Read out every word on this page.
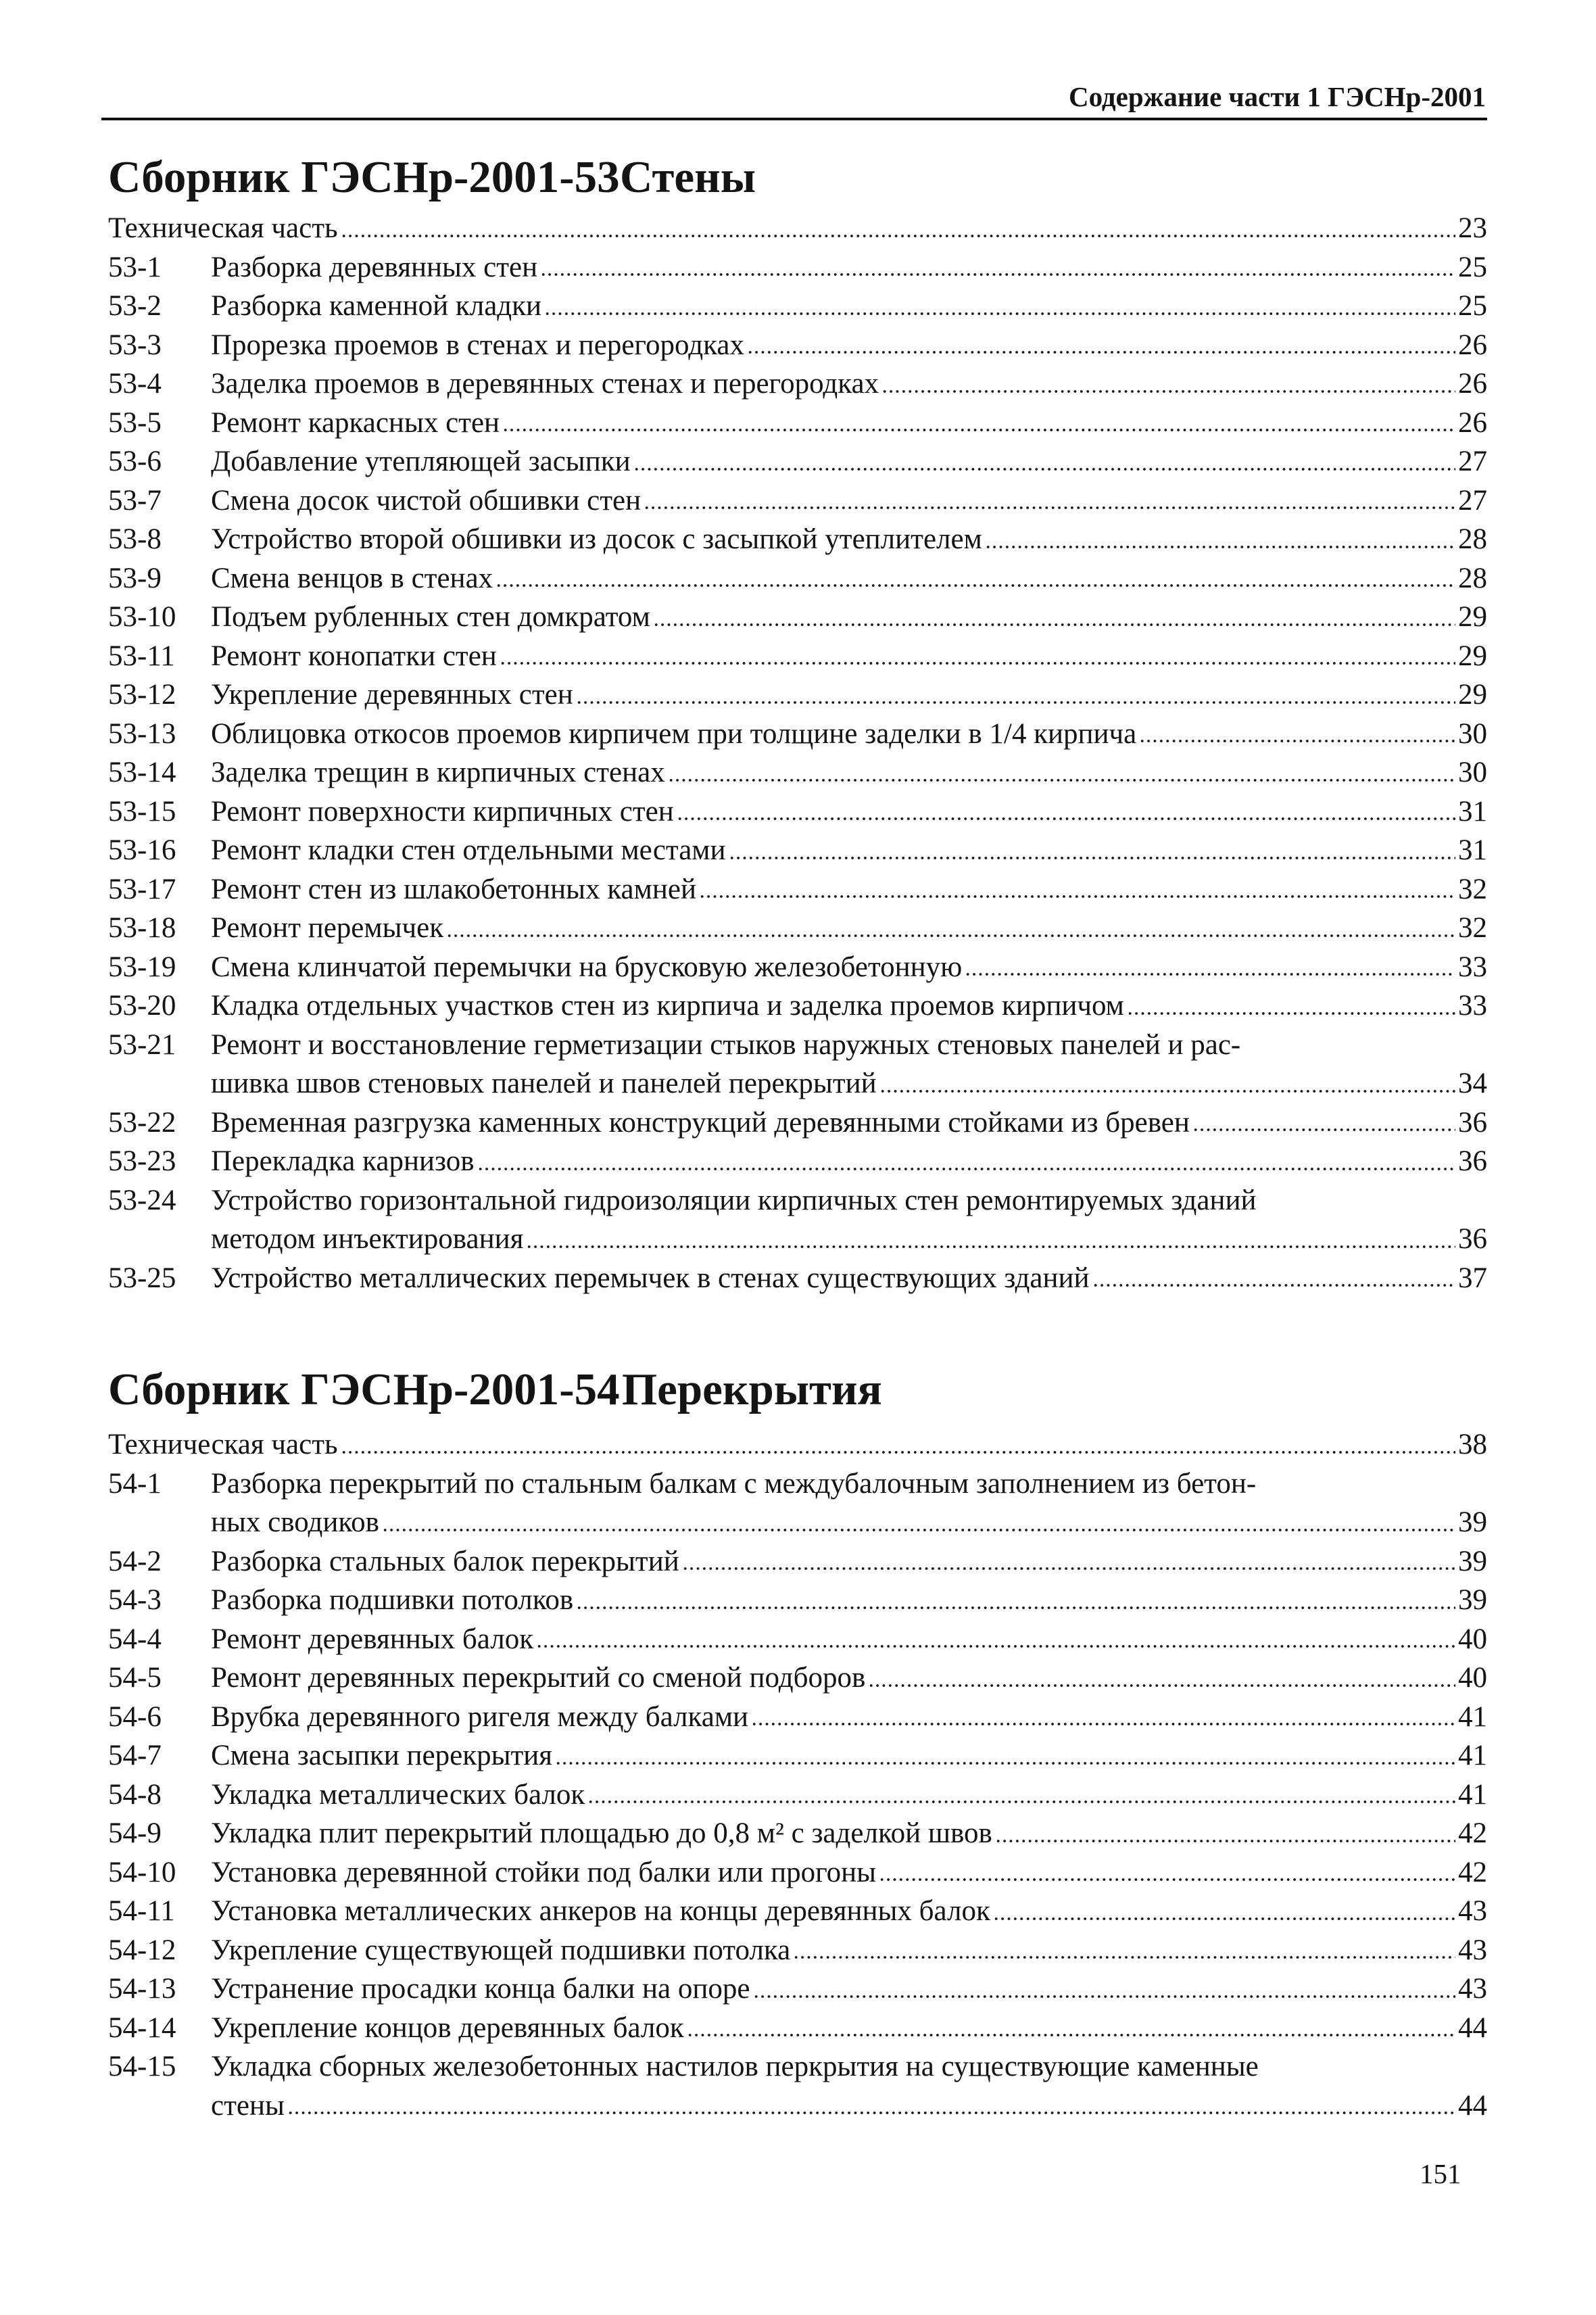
Содержание части 1 ГЭСНр-2001
Сборник ГЭСНр-2001-53 Стены
Техническая часть	23
53-1	Разборка деревянных стен	25
53-2	Разборка каменной кладки	25
53-3	Прорезка проемов в стенах и перегородках	26
53-4	Заделка проемов в деревянных стенах и перегородках	26
53-5	Ремонт каркасных стен	26
53-6	Добавление утепляющей засыпки	27
53-7	Смена досок чистой обшивки стен	27
53-8	Устройство второй обшивки из досок с засыпкой утеплителем	28
53-9	Смена венцов в стенах	28
53-10	Подъем рубленных стен домкратом	29
53-11	Ремонт конопатки стен	29
53-12	Укрепление деревянных стен	29
53-13	Облицовка откосов проемов кирпичем при толщине заделки в 1/4 кирпича	30
53-14	Заделка трещин в кирпичных стенах	30
53-15	Ремонт поверхности кирпичных стен	31
53-16	Ремонт кладки стен отдельными местами	31
53-17	Ремонт стен из шлакобетонных камней	32
53-18	Ремонт перемычек	32
53-19	Смена клинчатой перемычки на брусковую железобетонную	33
53-20	Кладка отдельных участков стен из кирпича и заделка проемов кирпичом	33
53-21	Ремонт и восстановление герметизации стыков наружных стеновых панелей и рас-
шивка швов стеновых панелей и панелей перекрытий	34
53-22	Временная разгрузка каменных конструкций деревянными стойками из бревен	36
53-23	Перекладка карнизов	36
53-24	Устройство горизонтальной гидроизоляции кирпичных стен ремонтируемых зданий
методом инъектирования	36
53-25	Устройство металлических перемычек в стенах существующих зданий	37
Сборник ГЭСНр-2001-54 Перекрытия
Техническая часть	38
54-1	Разборка перекрытий по стальным балкам с междубалочным заполнением из бетон-
ных сводиков	39
54-2	Разборка стальных балок перекрытий	39
54-3	Разборка подшивки потолков	39
54-4	Ремонт деревянных балок	40
54-5	Ремонт деревянных перекрытий со сменой подборов	40
54-6	Врубка деревянного ригеля между балками	41
54-7	Смена засыпки перекрытия	41
54-8	Укладка металлических балок	41
54-9	Укладка плит перекрытий площадью до 0,8 м² с заделкой швов	42
54-10	Установка деревянной стойки под балки или прогоны	42
54-11	Установка металлических анкеров на концы деревянных балок	43
54-12	Укрепление существующей подшивки потолка	43
54-13	Устранение просадки конца балки на опоре	43
54-14	Укрепление концов деревянных балок	44
54-15	Укладка сборных железобетонных настилов перкрытия на существующие каменные
стены	44
151
